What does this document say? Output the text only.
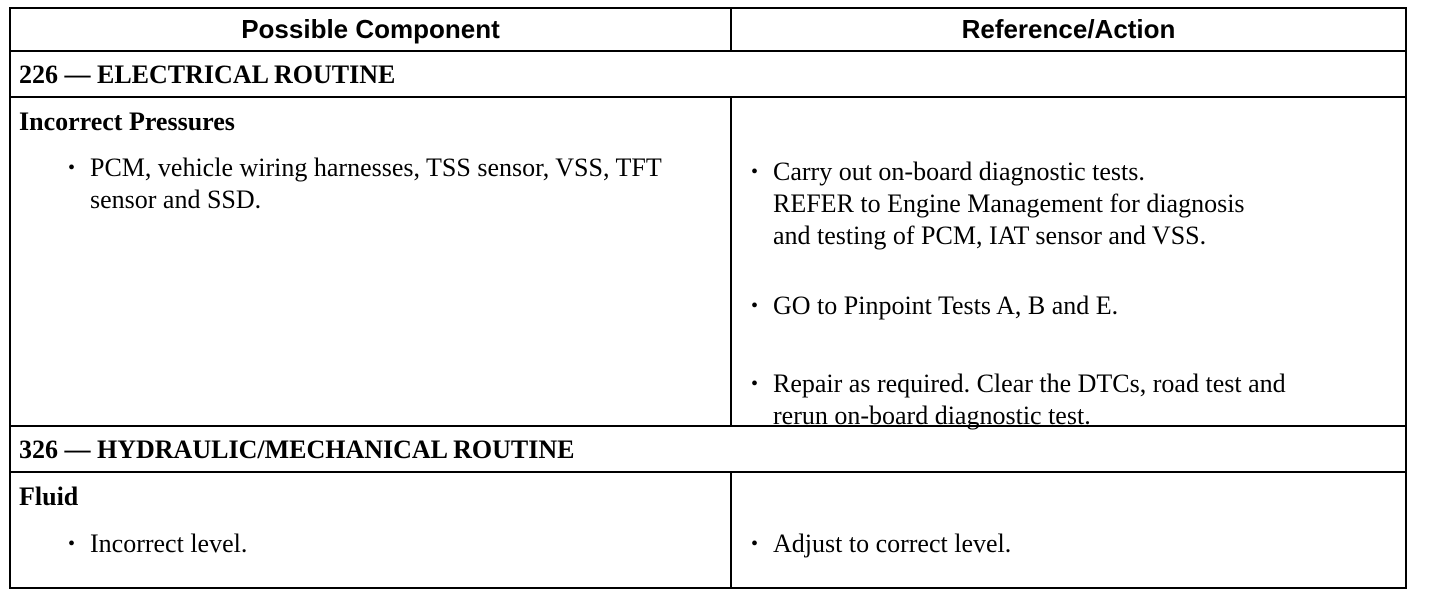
Possible Component	Reference/Action
226 — ELECTRICAL ROUTINE
Incorrect Pressures
• PCM, vehicle wiring harnesses, TSS sensor, VSS, TFT sensor and SSD.
• Carry out on-board diagnostic tests.
REFER to Engine Management for diagnosis
and testing of PCM, IAT sensor and VSS.
• GO to Pinpoint Tests A, B and E.
• Repair as required. Clear the DTCs, road test and
rerun on-board diagnostic test.
326 — HYDRAULIC/MECHANICAL ROUTINE
Fluid
• Incorrect level.	• Adjust to correct level.
